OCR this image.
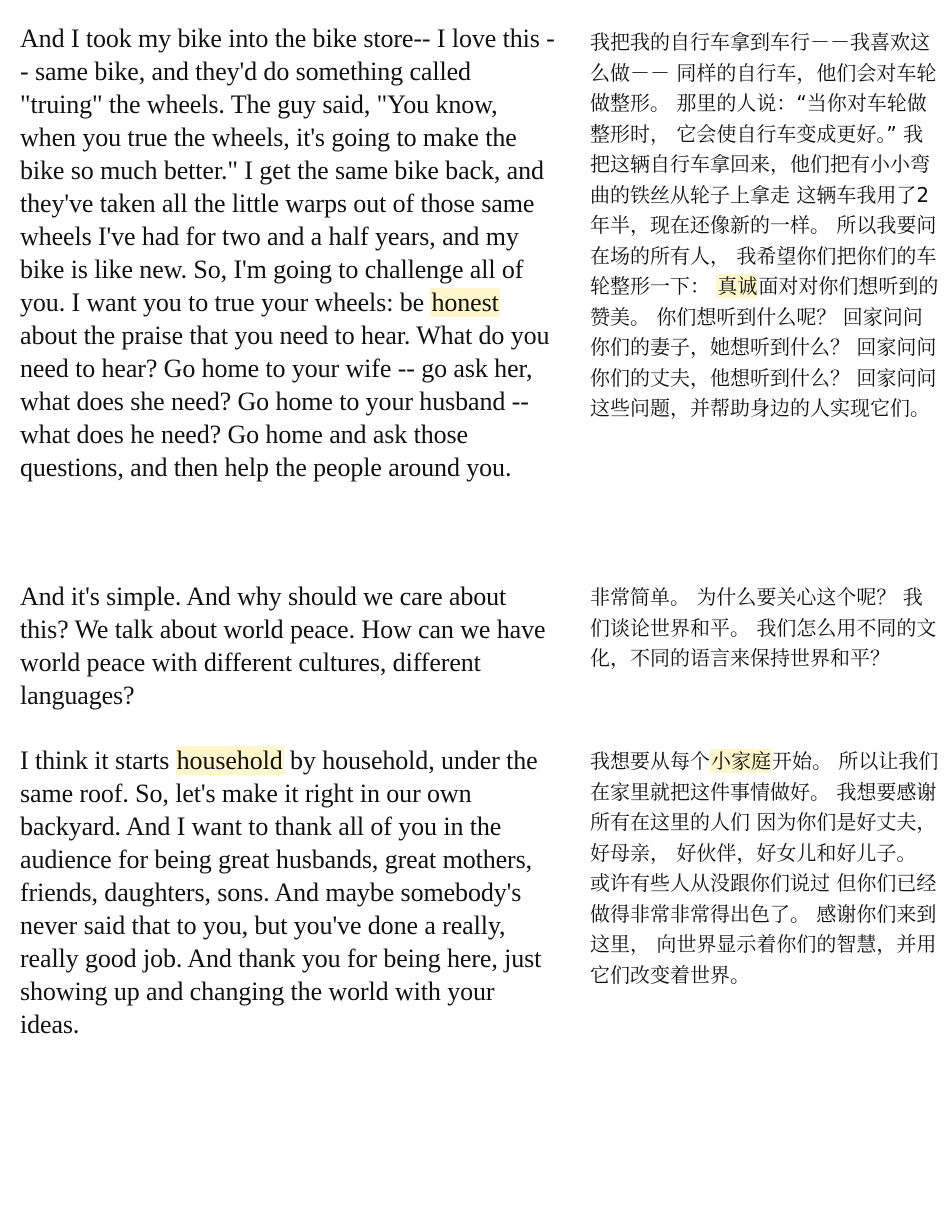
And I took my bike into the bike store-- I love this -- same bike, and they'd do something called "truing" the wheels. The guy said, "You know, when you true the wheels, it's going to make the bike so much better." I get the same bike back, and they've taken all the little warps out of those same wheels I've had for two and a half years, and my bike is like new. So, I'm going to challenge all of you. I want you to true your wheels: be honest about the praise that you need to hear. What do you need to hear? Go home to your wife -- go ask her, what does she need? Go home to your husband -- what does he need? Go home and ask those questions, and then help the people around you.

我把我的自行车拿到车行－－我喜欢这么做－－ 同样的自行车，他们会对车轮做整形。 那里的人说：“当你对车轮做整形时， 它会使自行车变成更好。” 我把这辆自行车拿回来，他们把有小小弯曲的铁丝从轮子上拿走 这辆车我用了2年半，现在还像新的一样。 所以我要问在场的所有人， 我希望你们把你们的车轮整形一下： 真诚面对对你们想听到的赞美。 你们想听到什么呢？ 回家问问你们的妻子，她想听到什么？ 回家问问你们的丈夫，他想听到什么？ 回家问问这些问题，并帮助身边的人实现它们。

And it's simple. And why should we care about this? We talk about world peace. How can we have world peace with different cultures, different languages?

非常简单。 为什么要关心这个呢？ 我们谈论世界和平。 我们怎么用不同的文化，不同的语言来保持世界和平？

I think it starts household by household, under the same roof. So, let's make it right in our own backyard. And I want to thank all of you in the audience for being great husbands, great mothers, friends, daughters, sons. And maybe somebody's never said that to you, but you've done a really, really good job. And thank you for being here, just showing up and changing the world with your ideas.

我想要从每个小家庭开始。 所以让我们在家里就把这件事情做好。 我想要感谢所有在这里的人们 因为你们是好丈夫，好母亲， 好伙伴，好女儿和好儿子。 或许有些人从没跟你们说过 但你们已经做得非常非常得出色了。 感谢你们来到这里， 向世界显示着你们的智慧，并用它们改变着世界。
